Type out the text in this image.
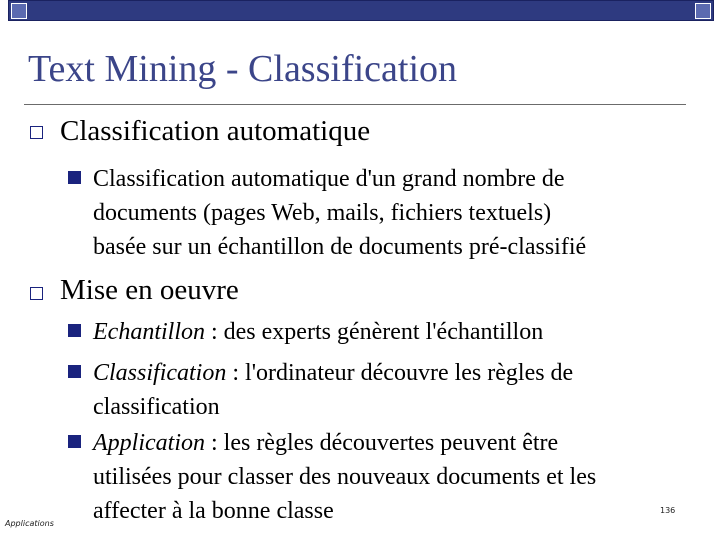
Text Mining - Classification
Classification automatique

Classification automatique d'un grand nombre de

documents (pages Web, mails, fichiers textuels)

basée sur un échantillon de documents pré-classifié

Mise en oeuvre

Echantillon : des experts génèrent l'échantillon

Classification : l'ordinateur découvre les règles de

classification

Application : les règles découvertes peuvent être

utilisées pour classer des nouveaux documents et les

affecter à la bonne classe

Applications
136
